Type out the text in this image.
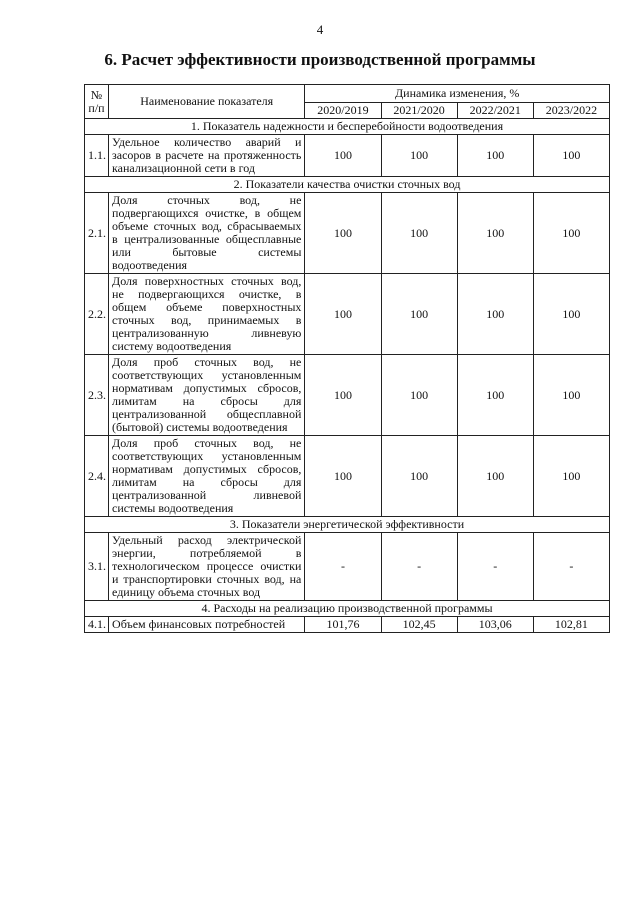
4
6. Расчет эффективности производственной программы
№ п/п	Наименование показателя	Динамика изменения, %			
		2020/2019	2021/2020	2022/2021	2023/2022
1. Показатель надежности и бесперебойности водоотведения					
1.1.	Удельное количество аварий и засоров в расчете на протяженность канализационной сети в год	100	100	100	100
2. Показатели качества очистки сточных вод					
2.1.	Доля сточных вод, не подвергающихся очистке, в общем объеме сточных вод, сбрасываемых в централизованные общесплавные или бытовые системы водоотведения	100	100	100	100
2.2.	Доля поверхностных сточных вод, не подвергающихся очистке, в общем объеме поверхностных сточных вод, принимаемых в централизованную ливневую систему водоотведения	100	100	100	100
2.3.	Доля проб сточных вод, не соответствующих установленным нормативам допустимых сбросов, лимитам на сбросы для централизованной общесплавной (бытовой) системы водоотведения	100	100	100	100
2.4.	Доля проб сточных вод, не соответствующих установленным нормативам допустимых сбросов, лимитам на сбросы для централизованной ливневой системы водоотведения	100	100	100	100
3. Показатели энергетической эффективности					
3.1.	Удельный расход электрической энергии, потребляемой в технологическом процессе очистки и транспортировки сточных вод, на единицу объема сточных вод	-	-	-	-
4. Расходы на реализацию производственной программы					
4.1.	Объем финансовых потребностей	101,76	102,45	103,06	102,81
